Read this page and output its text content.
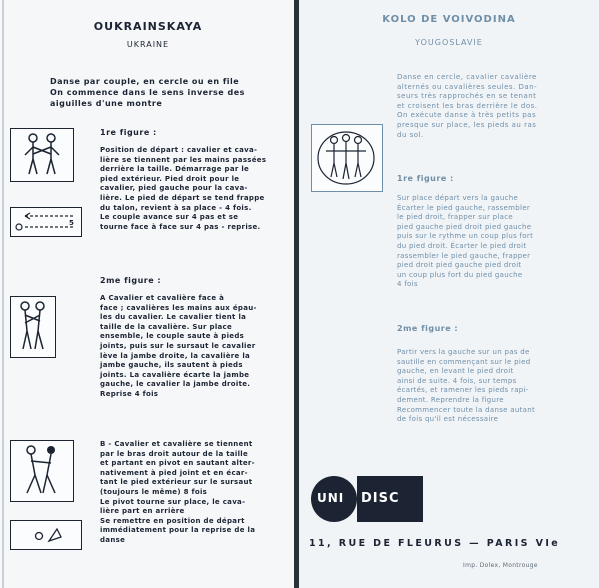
OUKRAINSKAYA
UKRAINE
Danse par couple, en cercle ou en file
On commence dans le sens inverse des
aiguilles d'une montre
5
1re figure :
Position de départ : cavalier et cava-
lière se tiennent par les mains passées
derrière la taille. Démarrage par le
pied extérieur. Pied droit pour le
cavalier, pied gauche pour la cava-
lière. Le pied de départ se tend frappe
du talon, revient à sa place - 4 fois.
Le couple avance sur 4 pas et se
tourne face à face sur 4 pas - reprise.
2me figure :
A Cavalier et cavalière face à
face ; cavalières les mains aux épau-
les du cavalier. Le cavalier tient la
taille de la cavalière. Sur place
ensemble, le couple saute à pieds
joints, puis sur le sursaut le cavalier
lève la jambe droite, la cavalière la
jambe gauche, ils sautent à pieds
joints. La cavalière écarte la jambe
gauche, le cavalier la jambe droite.
Reprise 4 fois
B - Cavalier et cavalière se tiennent
par le bras droit autour de la taille
et partant en pivot en sautant alter-
nativement à pied joint et en écar-
tant le pied extérieur sur le sursaut
(toujours le même) 8 fois
Le pivot tourne sur place, le cava-
lière part en arrière
Se remettre en position de départ
immédiatement pour la reprise de la
danse
KOLO DE VOIVODINA
YOUGOSLAVIE
Danse en cercle, cavalier cavalière
alternés ou cavalières seules. Dan-
seurs très rapprochés en se tenant
et croisent les bras derrière le dos.
On exécute danse à très petits pas
presque sur place, les pieds au ras
du sol.
1re figure :
Sur place départ vers la gauche
Écarter le pied gauche, rassembler
le pied droit, frapper sur place
pied gauche pied droit pied gauche
puis sur le rythme un coup plus fort
du pied droit. Écarter le pied droit
rassembler le pied gauche, frapper
pied droit pied gauche pied droit
un coup plus fort du pied gauche
4 fois
2me figure :
Partir vers la gauche sur un pas de
sautille en commençant sur le pied
gauche, en levant le pied droit
ainsi de suite. 4 fois, sur temps
écartés, et ramener les pieds rapi-
dement. Reprendre la figure
Recommencer toute la danse autant
de fois qu'il est nécessaire
UNI DISC
11, RUE DE FLEURUS — PARIS VIe
Imp. Dolex, Montrouge
